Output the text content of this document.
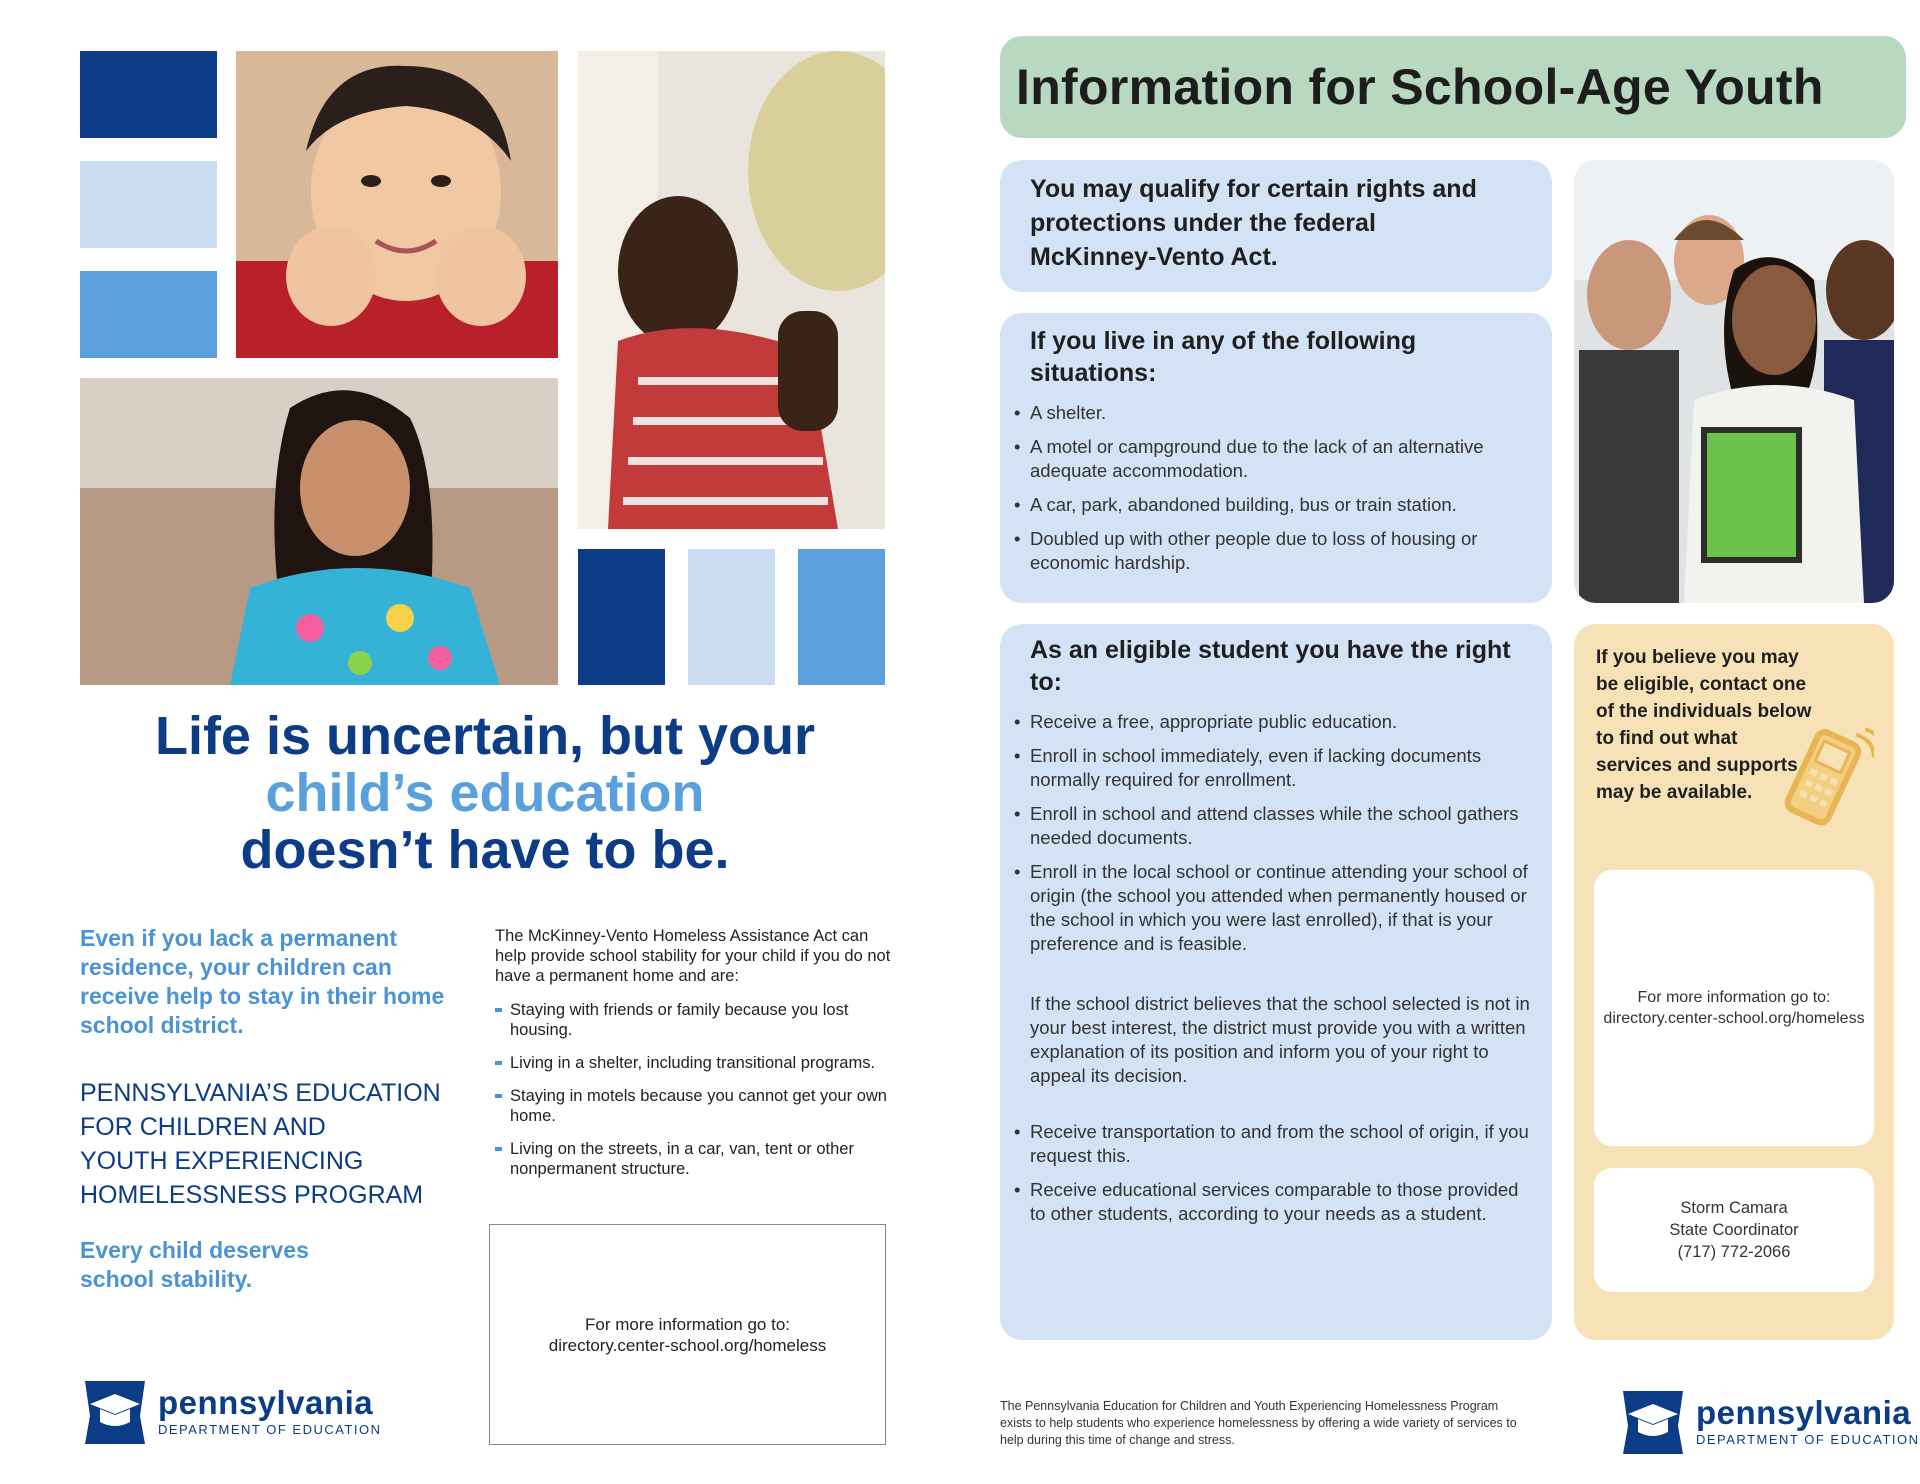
Life is uncertain, but your
child’s education
doesn’t have to be.
Even if you lack a permanent residence, your children can receive help to stay in their home school district.
PENNSYLVANIA’S EDUCATION
FOR CHILDREN AND
YOUTH EXPERIENCING
HOMELESSNESS PROGRAM
Every child deserves school stability.
The McKinney-Vento Homeless Assistance Act can help provide school stability for your child if you do not have a permanent home and are:
Staying with friends or family because you lost housing.
Living in a shelter, including transitional programs.
Staying in motels because you cannot get your own home.
Living on the streets, in a car, van, tent or other nonpermanent structure.
For more information go to:
directory.center-school.org/homeless
pennsylvania
DEPARTMENT OF EDUCATION
Information for School-Age Youth
You may qualify for certain rights and protections under the federal McKinney-Vento Act.
If you live in any of the following situations:
• A shelter.
• A motel or campground due to the lack of an alternative adequate accommodation.
• A car, park, abandoned building, bus or train station.
• Doubled up with other people due to loss of housing or economic hardship.
As an eligible student you have the right to:
• Receive a free, appropriate public education.
• Enroll in school immediately, even if lacking documents normally required for enrollment.
• Enroll in school and attend classes while the school gathers needed documents.
• Enroll in the local school or continue attending your school of origin (the school you attended when permanently housed or the school in which you were last enrolled), if that is your preference and is feasible.

If the school district believes that the school selected is not in your best interest, the district must provide you with a written explanation of its position and inform you of your right to appeal its decision.

• Receive transportation to and from the school of origin, if you request this.
• Receive educational services comparable to those provided to other students, according to your needs as a student.
If you believe you may be eligible, contact one of the individuals below to find out what services and supports may be available.
For more information go to:
directory.center-school.org/homeless
Storm Camara
State Coordinator
(717) 772-2066
The Pennsylvania Education for Children and Youth Experiencing Homelessness Program exists to help students who experience homelessness by offering a wide variety of services to help during this time of change and stress.
pennsylvania
DEPARTMENT OF EDUCATION
